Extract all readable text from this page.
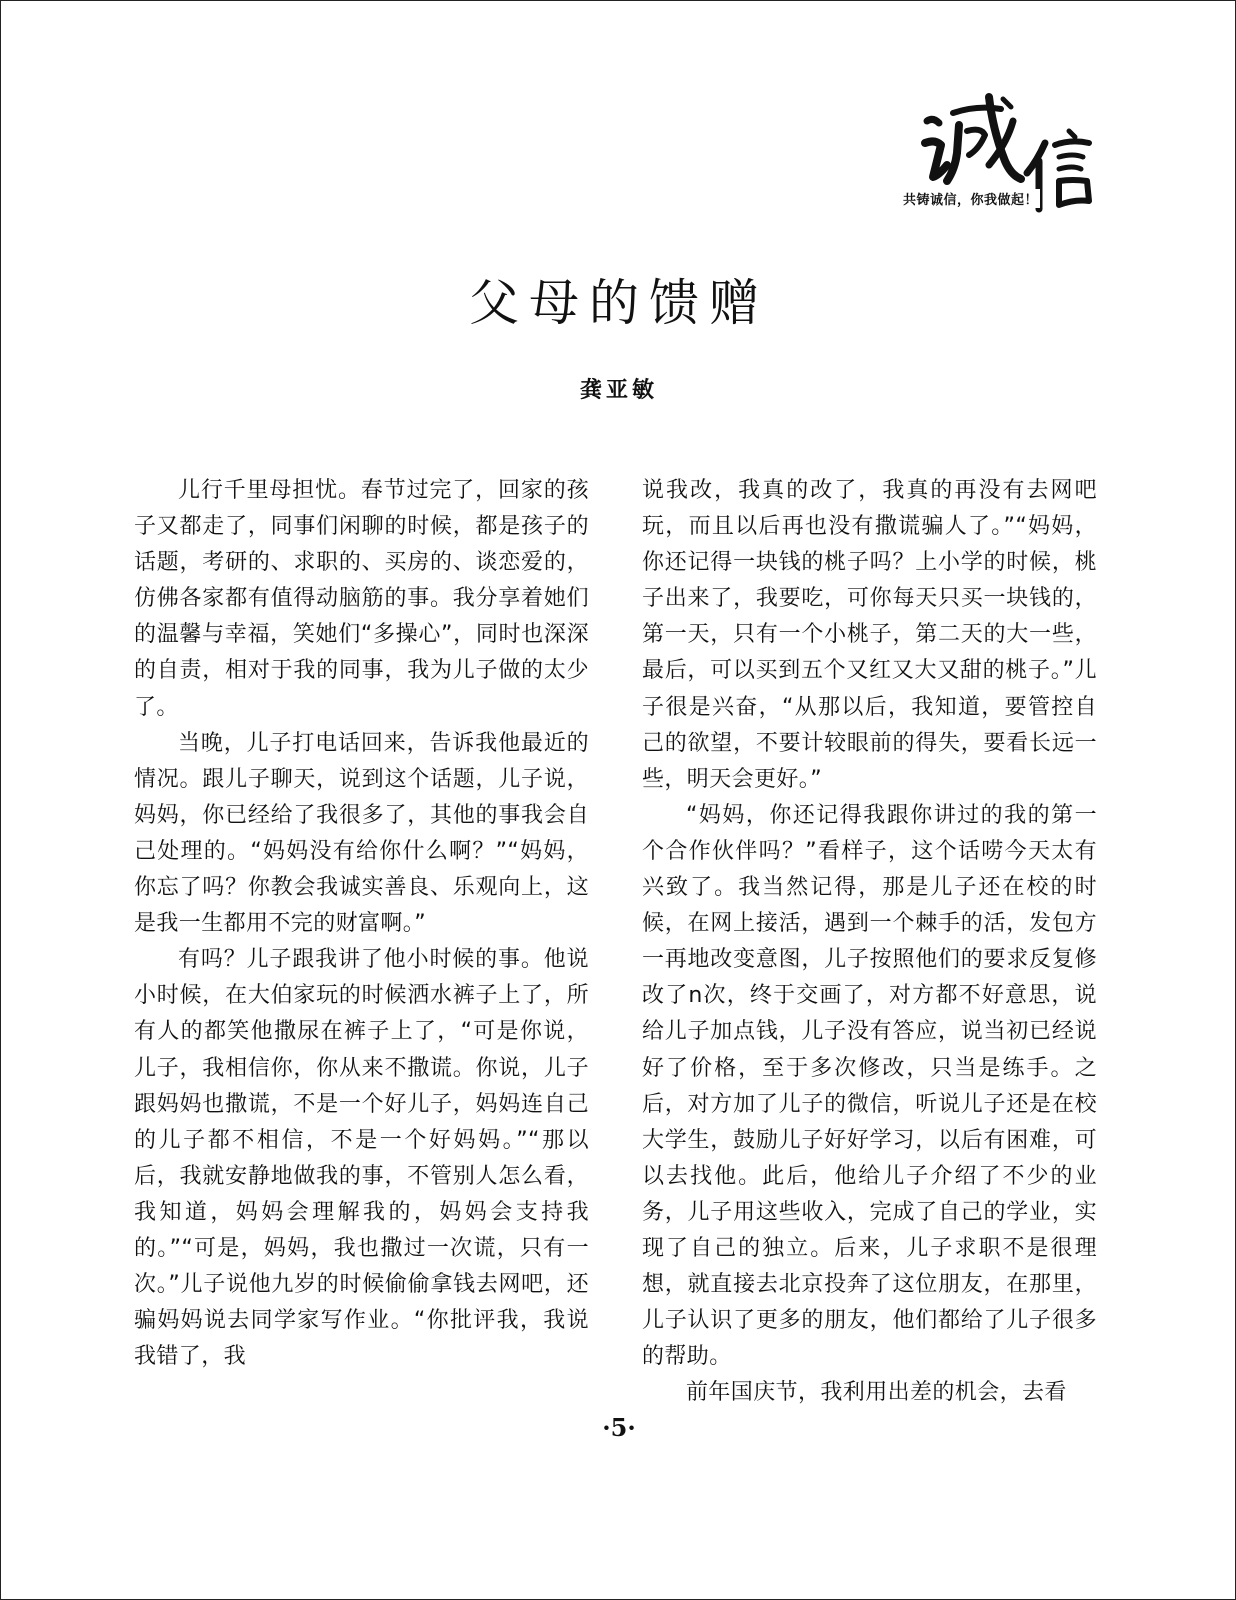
共铸诚信，你我做起！
父母的馈赠
龚亚敏

儿行千里母担忧。春节过完了，回家的孩子又都走了，同事们闲聊的时候，都是孩子的话题，考研的、求职的、买房的、谈恋爱的，仿佛各家都有值得动脑筋的事。我分享着她们的温馨与幸福，笑她们“多操心”，同时也深深的自责，相对于我的同事，我为儿子做的太少了。

当晚，儿子打电话回来，告诉我他最近的情况。跟儿子聊天，说到这个话题，儿子说，妈妈，你已经给了我很多了，其他的事我会自己处理的。“妈妈没有给你什么啊？”“妈妈，你忘了吗？你教会我诚实善良、乐观向上，这是我一生都用不完的财富啊。”

有吗？儿子跟我讲了他小时候的事。他说小时候，在大伯家玩的时候洒水裤子上了，所有人的都笑他撒尿在裤子上了，“可是你说，儿子，我相信你，你从来不撒谎。你说，儿子跟妈妈也撒谎，不是一个好儿子，妈妈连自己的儿子都不相信，不是一个好妈妈。”“那以后，我就安静地做我的事，不管别人怎么看，我知道，妈妈会理解我的，妈妈会支持我的。”“可是，妈妈，我也撒过一次谎，只有一次。”儿子说他九岁的时候偷偷拿钱去网吧，还骗妈妈说去同学家写作业。“你批评我，我说我错了，我

说我改，我真的改了，我真的再没有去网吧玩，而且以后再也没有撒谎骗人了。”“妈妈，你还记得一块钱的桃子吗？上小学的时候，桃子出来了，我要吃，可你每天只买一块钱的，第一天，只有一个小桃子，第二天的大一些，最后，可以买到五个又红又大又甜的桃子。”儿子很是兴奋，“从那以后，我知道，要管控自己的欲望，不要计较眼前的得失，要看长远一些，明天会更好。”

“妈妈，你还记得我跟你讲过的我的第一个合作伙伴吗？”看样子，这个话唠今天太有兴致了。我当然记得，那是儿子还在校的时候，在网上接活，遇到一个棘手的活，发包方一再地改变意图，儿子按照他们的要求反复修改了n次，终于交画了，对方都不好意思，说给儿子加点钱，儿子没有答应，说当初已经说好了价格，至于多次修改，只当是练手。之后，对方加了儿子的微信，听说儿子还是在校大学生，鼓励儿子好好学习，以后有困难，可以去找他。此后，他给儿子介绍了不少的业务，儿子用这些收入，完成了自己的学业，实现了自己的独立。后来，儿子求职不是很理想，就直接去北京投奔了这位朋友，在那里，儿子认识了更多的朋友，他们都给了儿子很多的帮助。

前年国庆节，我利用出差的机会，去看

·5·
